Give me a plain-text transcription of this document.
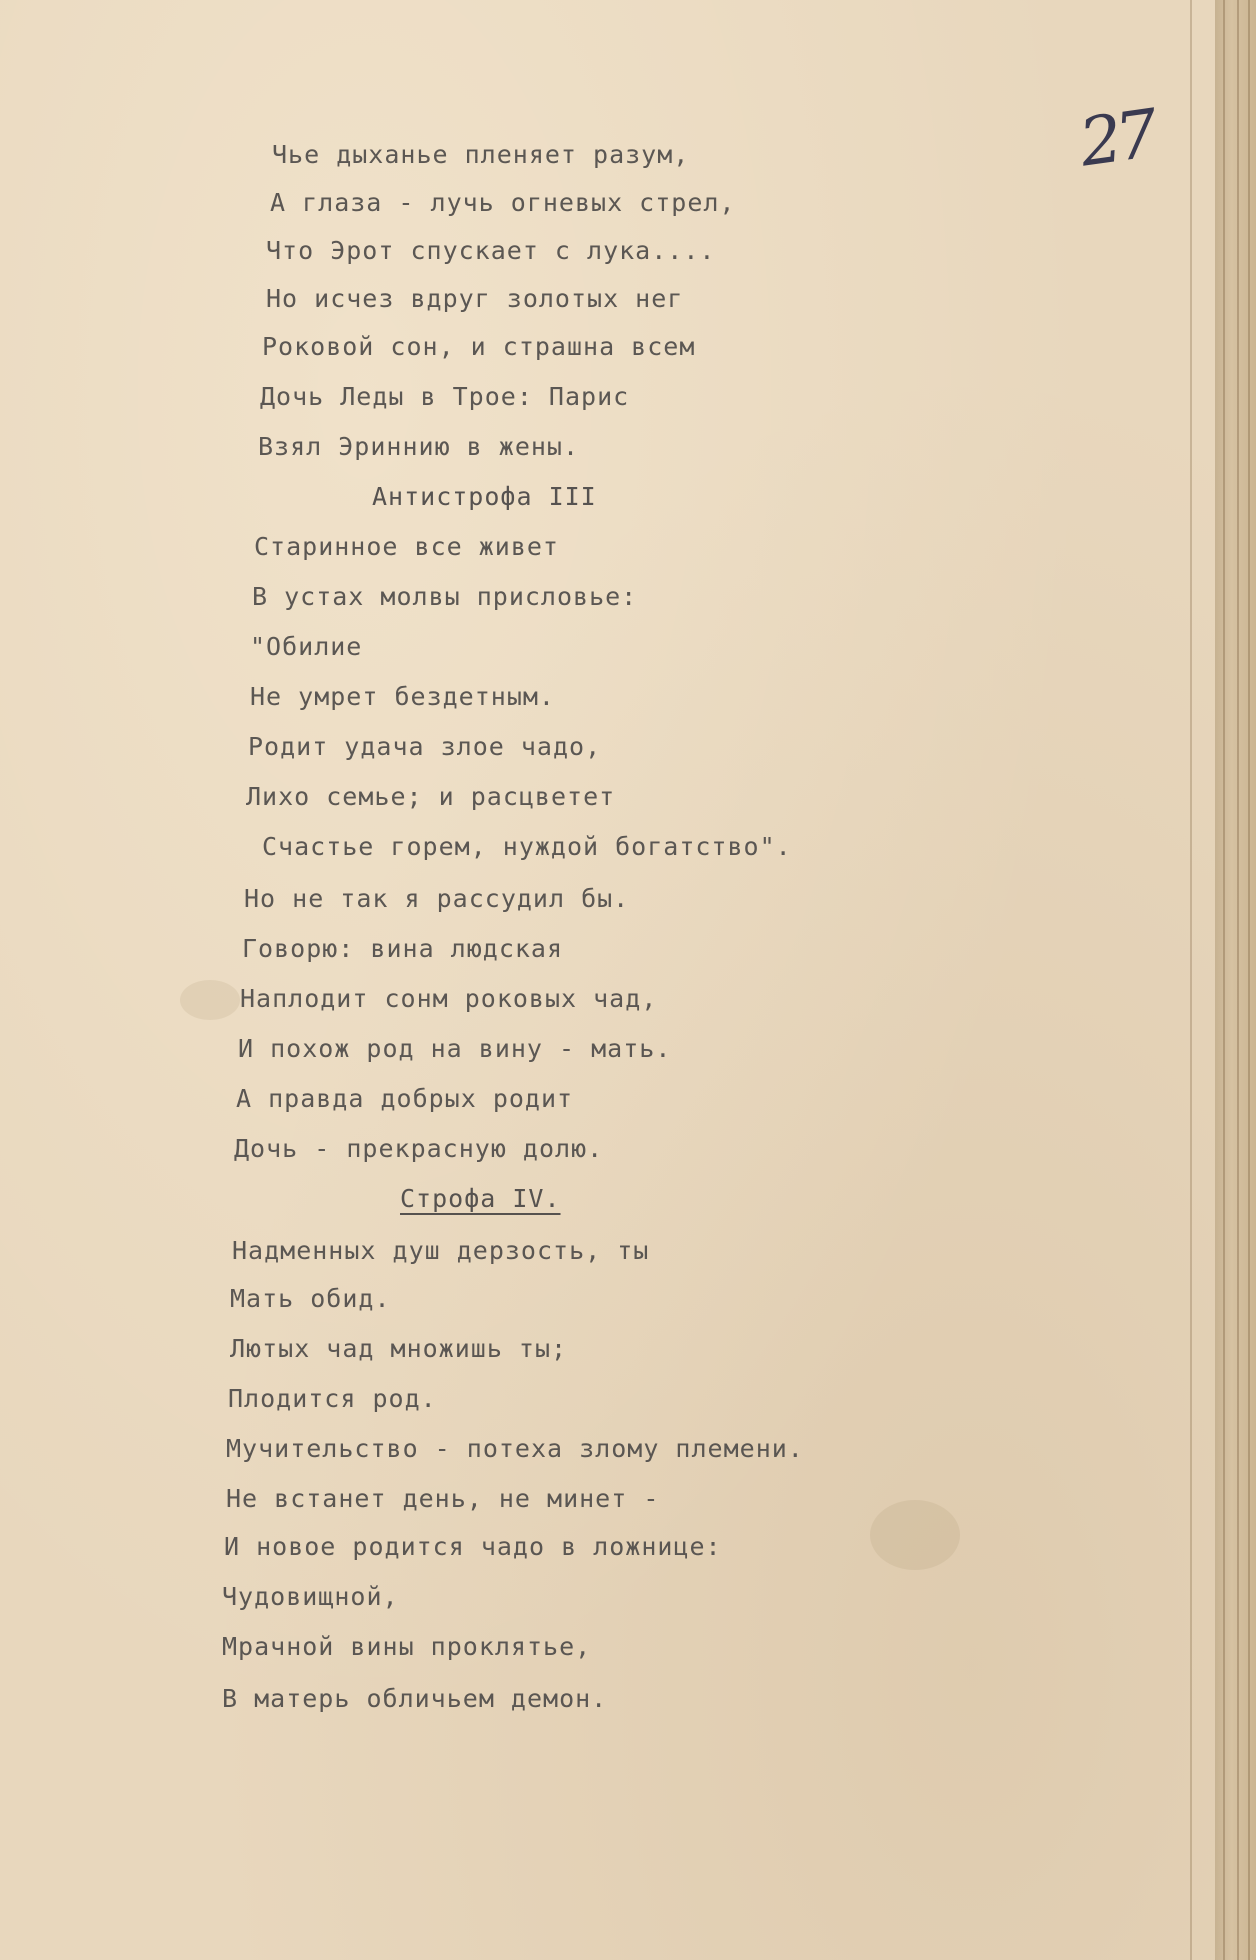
27
Чье дыханье пленяет разум,
А глаза - лучь огневых стрел,
Что Эрот спускает с лука....
Но исчез вдруг золотых нег
Роковой сон, и страшна всем
Дочь Леды в Трое: Парис
Взял Эриннию в жены.
Антистрофа III
Старинное все живет
В устах молвы присловье:
"Обилие
Не умрет бездетным.
Родит удача злое чадо,
Лихо семье; и расцветет
Счастье горем, нуждой богатство".
Но не так я рассудил бы.
Говорю: вина людская
Наплодит сонм роковых чад,
И похож род на вину - мать.
А правда добрых родит
Дочь - прекрасную долю.
Строфа IV.
Надменных душ дерзость, ты
Мать обид.
Лютых чад множишь ты;
Плодится род.
Мучительство - потеха злому племени.
Не встанет день, не минет -
И новое родится чадо в ложнице:
Чудовищной,
Мрачной вины проклятье,
В матерь обличьем демон.
